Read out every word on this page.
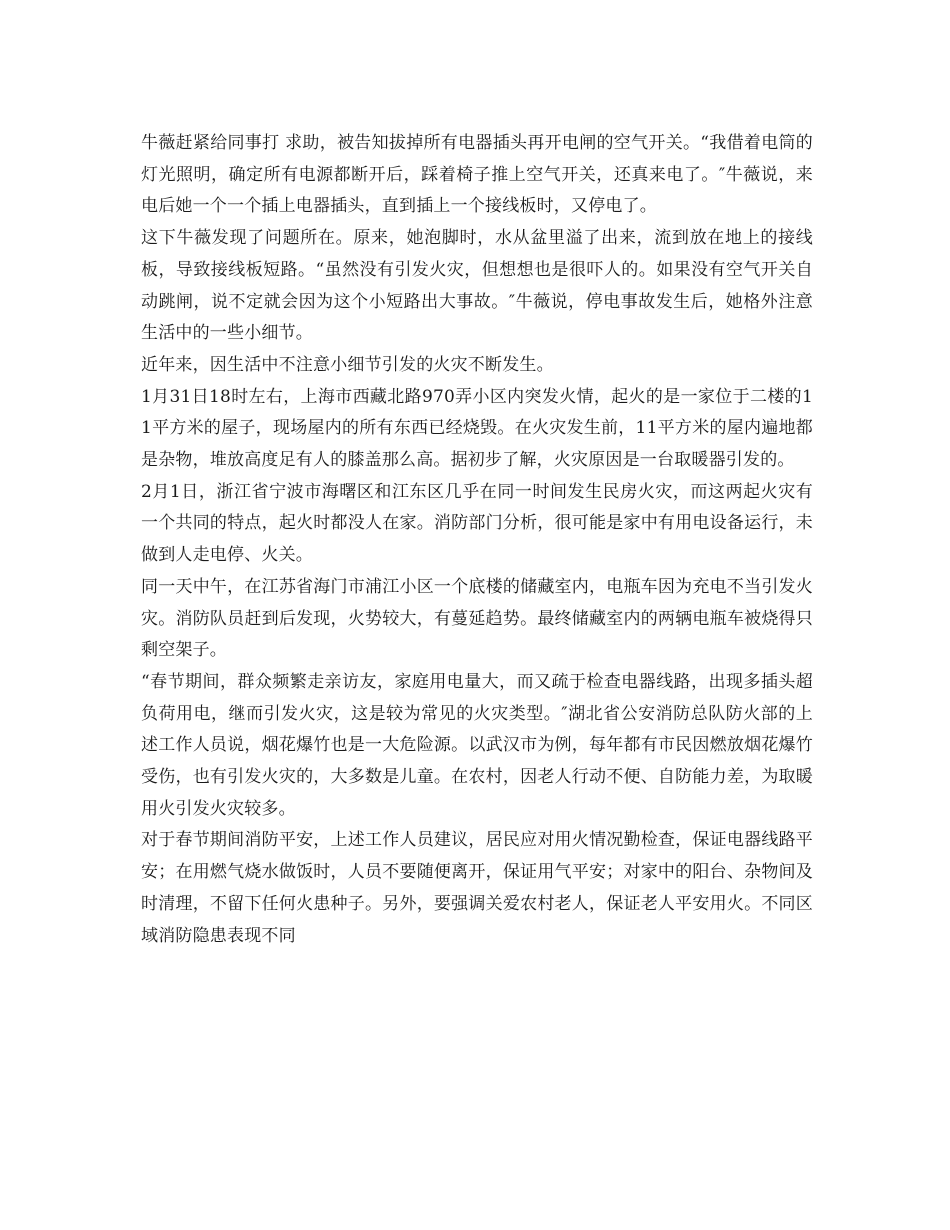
牛薇赶紧给同事打 求助，被告知拔掉所有电器插头再开电闸的空气开关。“我借着电筒的灯光照明，确定所有电源都断开后，踩着椅子推上空气开关，还真来电了。″牛薇说，来电后她一个一个插上电器插头，直到插上一个接线板时，又停电了。

这下牛薇发现了问题所在。原来，她泡脚时，水从盆里溢了出来，流到放在地上的接线板，导致接线板短路。“虽然没有引发火灾，但想想也是很吓人的。如果没有空气开关自动跳闸，说不定就会因为这个小短路出大事故。″牛薇说，停电事故发生后，她格外注意生活中的一些小细节。

近年来，因生活中不注意小细节引发的火灾不断发生。

1月31日18时左右，上海市西藏北路970弄小区内突发火情，起火的是一家位于二楼的11平方米的屋子，现场屋内的所有东西已经烧毁。在火灾发生前，11平方米的屋内遍地都是杂物，堆放高度足有人的膝盖那么高。据初步了解，火灾原因是一台取暖器引发的。

2月1日，浙江省宁波市海曙区和江东区几乎在同一时间发生民房火灾，而这两起火灾有一个共同的特点，起火时都没人在家。消防部门分析，很可能是家中有用电设备运行，未做到人走电停、火关。

同一天中午，在江苏省海门市浦江小区一个底楼的储藏室内，电瓶车因为充电不当引发火灾。消防队员赶到后发现，火势较大，有蔓延趋势。最终储藏室内的两辆电瓶车被烧得只剩空架子。

“春节期间，群众频繁走亲访友，家庭用电量大，而又疏于检查电器线路，出现多插头超负荷用电，继而引发火灾，这是较为常见的火灾类型。″湖北省公安消防总队防火部的上述工作人员说，烟花爆竹也是一大危险源。以武汉市为例，每年都有市民因燃放烟花爆竹受伤，也有引发火灾的，大多数是儿童。在农村，因老人行动不便、自防能力差，为取暖用火引发火灾较多。

对于春节期间消防平安，上述工作人员建议，居民应对用火情况勤检查，保证电器线路平安；在用燃气烧水做饭时，人员不要随便离开，保证用气平安；对家中的阳台、杂物间及时清理，不留下任何火患种子。另外，要强调关爱农村老人，保证老人平安用火。不同区域消防隐患表现不同
